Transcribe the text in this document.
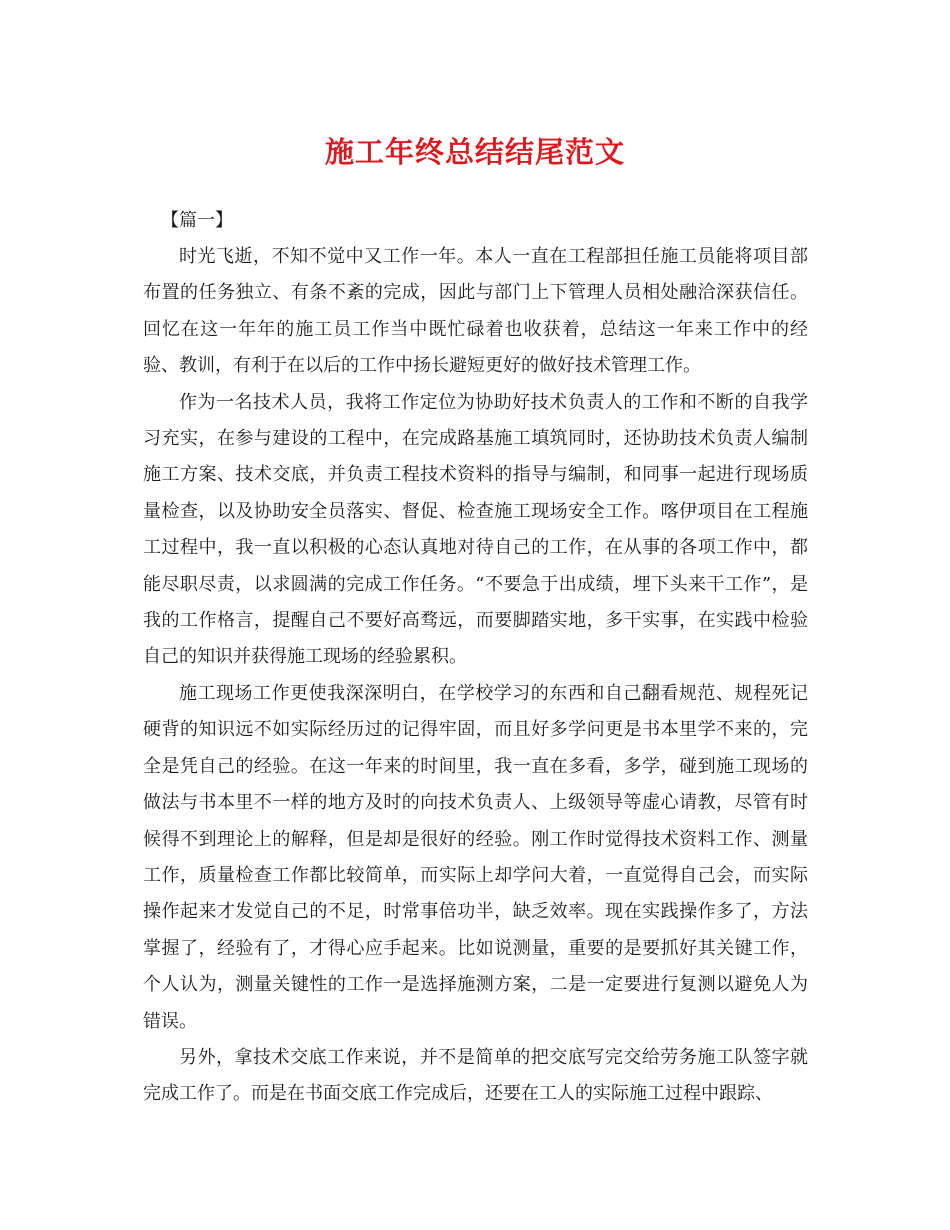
施工年终总结结尾范文

【篇一】

时光飞逝，不知不觉中又工作一年。本人一直在工程部担任施工员能将项目部布置的任务独立、有条不紊的完成，因此与部门上下管理人员相处融洽深获信任。回忆在这一年年的施工员工作当中既忙碌着也收获着，总结这一年来工作中的经验、教训，有利于在以后的工作中扬长避短更好的做好技术管理工作。

作为一名技术人员，我将工作定位为协助好技术负责人的工作和不断的自我学习充实，在参与建设的工程中，在完成路基施工填筑同时，还协助技术负责人编制施工方案、技术交底，并负责工程技术资料的指导与编制，和同事一起进行现场质量检查，以及协助安全员落实、督促、检查施工现场安全工作。喀伊项目在工程施工过程中，我一直以积极的心态认真地对待自己的工作，在从事的各项工作中，都能尽职尽责，以求圆满的完成工作任务。“不要急于出成绩，埋下头来干工作”，是我的工作格言，提醒自己不要好高骛远，而要脚踏实地，多干实事，在实践中检验自己的知识并获得施工现场的经验累积。

施工现场工作更使我深深明白，在学校学习的东西和自己翻看规范、规程死记硬背的知识远不如实际经历过的记得牢固，而且好多学问更是书本里学不来的，完全是凭自己的经验。在这一年来的时间里，我一直在多看，多学，碰到施工现场的做法与书本里不一样的地方及时的向技术负责人、上级领导等虚心请教，尽管有时候得不到理论上的解释，但是却是很好的经验。刚工作时觉得技术资料工作、测量工作，质量检查工作都比较简单，而实际上却学问大着，一直觉得自己会，而实际操作起来才发觉自己的不足，时常事倍功半，缺乏效率。现在实践操作多了，方法掌握了，经验有了，才得心应手起来。比如说测量，重要的是要抓好其关键工作，个人认为，测量关键性的工作一是选择施测方案，二是一定要进行复测以避免人为错误。

另外，拿技术交底工作来说，并不是简单的把交底写完交给劳务施工队签字就完成工作了。而是在书面交底工作完成后，还要在工人的实际施工过程中跟踪、
